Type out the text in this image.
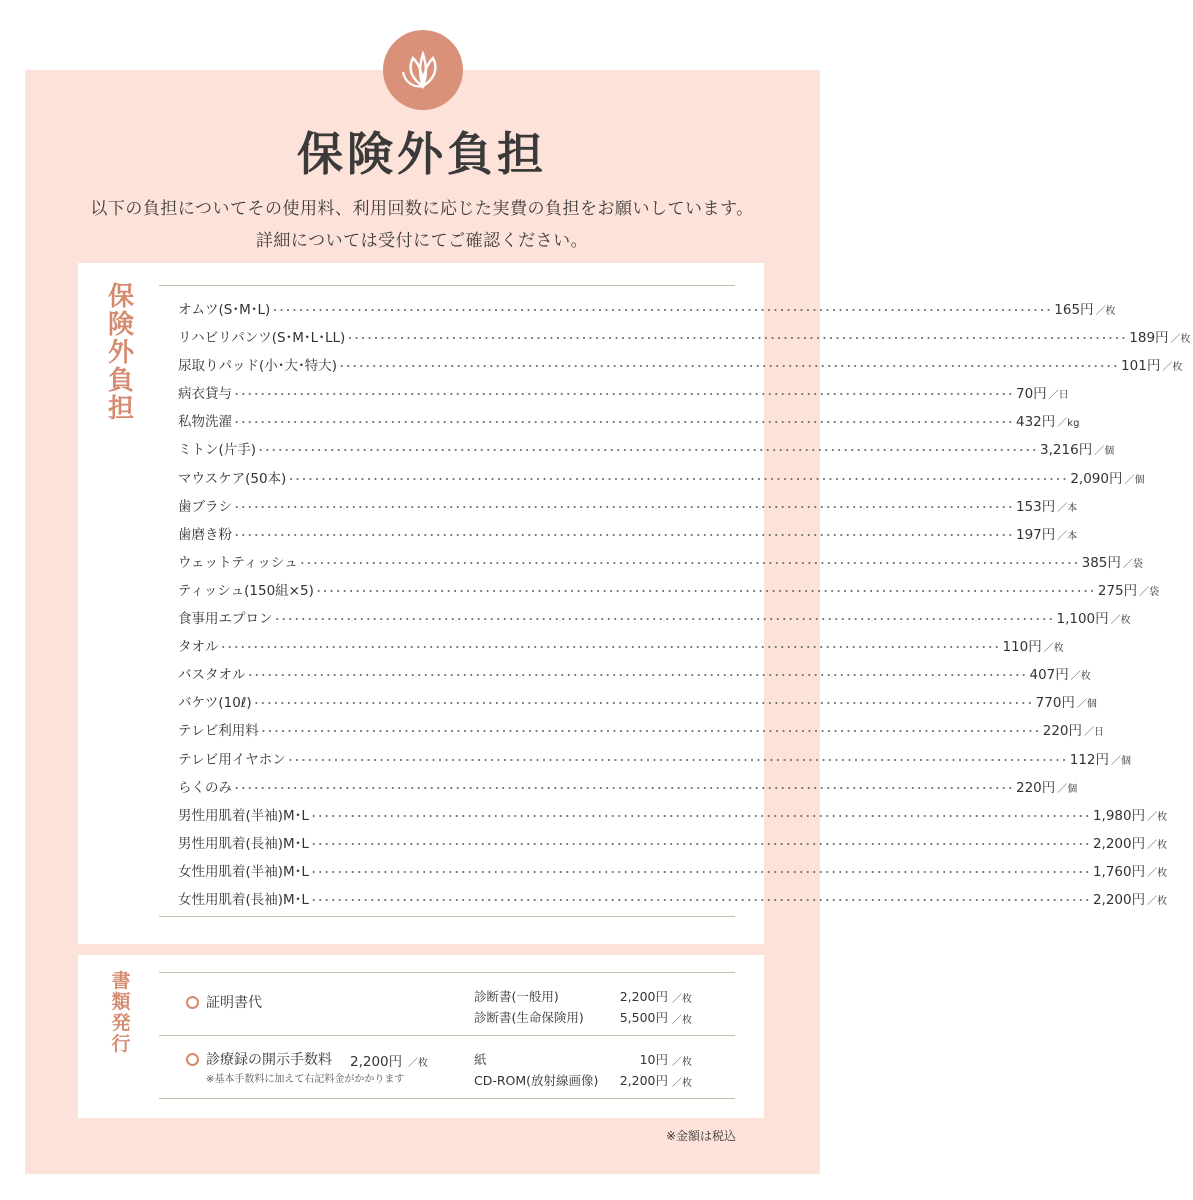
保険外負担
以下の負担についてその使用料、利用回数に応じた実費の負担をお願いしています。
詳細については受付にてご確認ください。
保
険
外
負
担
オムツ(S･M･L) ････････････････････････････････････････････････････････････････････････････････････････････････････････････････････････ 165円 ／枚
リハビリパンツ(S･M･L･LL) ････････････････････････････････････････････････････････････････････････････････････････････････････････････････････････ 189円 ／枚
尿取りパッド(小･大･特大) ････････････････････････････････････････････････････････････････････････････････････････････････････････････････････････ 101円 ／枚
病衣貸与 ････････････････････････････････････････････････････････････････････････････････････････････････････････････････････････ 70円 ／日
私物洗濯 ････････････････････････････････････････････････････････････････････････････････････････････････････････････････････････ 432円 ／kg
ミトン(片手) ････････････････････････････････････････････････････････････････････････････････････････････････････････････････････････ 3,216円 ／個
マウスケア(50本) ････････････････････････････････････････････････････････････････････････････････････････････････････････････････････････ 2,090円 ／個
歯ブラシ ････････････････････････････････････････････････････････････････････････････････････････････････････････････････････････ 153円 ／本
歯磨き粉 ････････････････････････････････････････････････････････････････････････････････････････････････････････････････････････ 197円 ／本
ウェットティッシュ ････････････････････････････････････････････････････････････････････････････････････････････････････････････････････････ 385円 ／袋
ティッシュ(150組×5) ････････････････････････････････････････････････････････････････････････････････････････････････････････････････････････ 275円 ／袋
食事用エプロン ････････････････････････････････････････････････････････････････････････････････････････････････････････････････････････ 1,100円 ／枚
タオル ････････････････････････････････････････････････････････････････････････････････････････････････････････････････････････ 110円 ／枚
バスタオル ････････････････････････････････････････････････････････････････････････････････････････････････････････････････････････ 407円 ／枚
バケツ(10ℓ) ････････････････････････････････････････････････････････････････････････････････････････････････････････････････････････ 770円 ／個
テレビ利用料 ････････････････････････････････････････････････････････････････････････････････････････････････････････････････････････ 220円 ／日
テレビ用イヤホン ････････････････････････････････････････････････････････････････････････････････････････････････････････････････････････ 112円 ／個
らくのみ ････････････････････････････････････････････････････････････････････････････････････････････････････････････････････････ 220円 ／個
男性用肌着(半袖)M･L ････････････････････････････････････････････････････････････････････････････････････････････････････････････････････････ 1,980円 ／枚
男性用肌着(長袖)M･L ････････････････････････････････････････････････････････････････････････････････････････････････････････････････････････ 2,200円 ／枚
女性用肌着(半袖)M･L ････････････････････････････････････････････････････････････････････････････････････････････････････････････････････････ 1,760円 ／枚
女性用肌着(長袖)M･L ････････････････････････････････････････････････････････････････････････････････････････････････････････････････････････ 2,200円 ／枚
書
類
発
行
証明書代	診断書(一般用)	2,200円 ／枚
診断書(生命保険用)	5,500円 ／枚
診療録の開示手数料 2,200円 ／枚
※基本手数料に加えて右記料金がかかります
紙	10円 ／枚
CD-ROM(放射線画像)	2,200円 ／枚
※金額は税込
